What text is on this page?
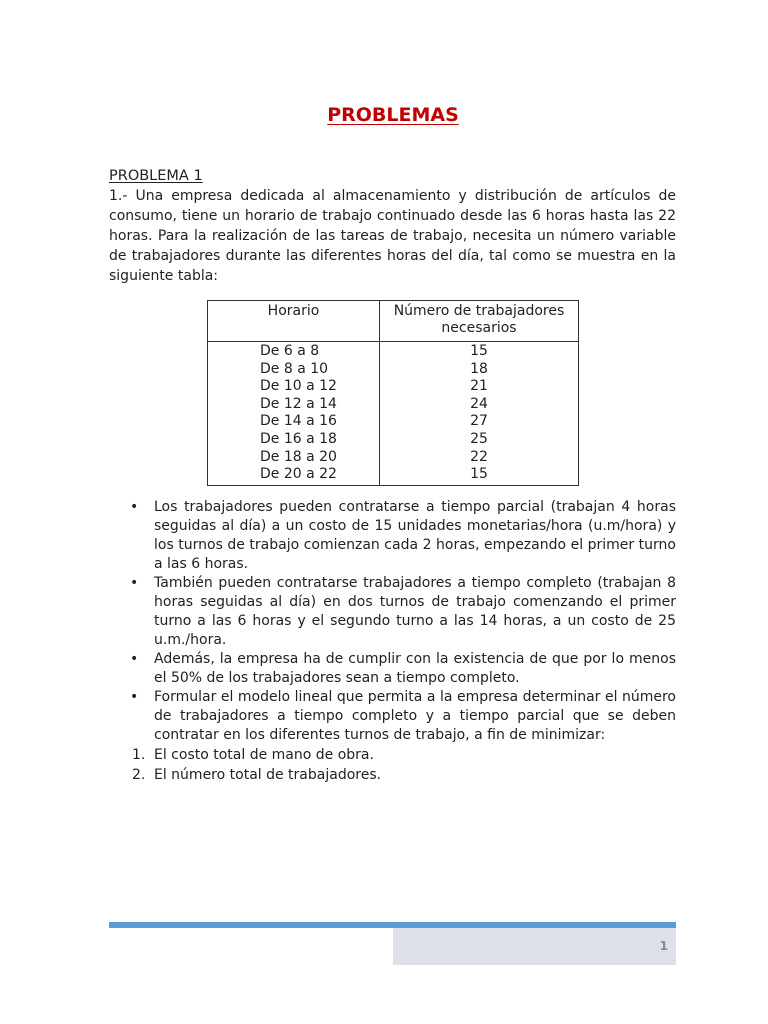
PROBLEMAS
PROBLEMA 1

1.- Una empresa dedicada al almacenamiento y distribución de artículos de consumo, tiene un horario de trabajo continuado desde las 6 horas hasta las 22 horas. Para la realización de las tareas de trabajo, necesita un número variable de trabajadores durante las diferentes horas del día, tal como se muestra en la siguiente tabla:

Horario	Número de trabajadores necesarios
De 6 a 8	15
De 8 a 10	18
De 10 a 12	21
De 12 a 14	24
De 14 a 16	27
De 16 a 18	25
De 18 a 20	22
De 20 a 22	15
• Los trabajadores pueden contratarse a tiempo parcial (trabajan 4 horas seguidas al día) a un costo de 15 unidades monetarias/hora (u.m/hora) y los turnos de trabajo comienzan cada 2 horas, empezando el primer turno a las 6 horas.
• También pueden contratarse trabajadores a tiempo completo (trabajan 8 horas seguidas al día) en dos turnos de trabajo comenzando el primer turno a las 6 horas y el segundo turno a las 14 horas, a un costo de 25 u.m./hora.
• Además, la empresa ha de cumplir con la existencia de que por lo menos el 50% de los trabajadores sean a tiempo completo.
• Formular el modelo lineal que permita a la empresa determinar el número de trabajadores a tiempo completo y a tiempo parcial que se deben contratar en los diferentes turnos de trabajo, a fin de minimizar:
1. El costo total de mano de obra.
2. El número total de trabajadores.
1
